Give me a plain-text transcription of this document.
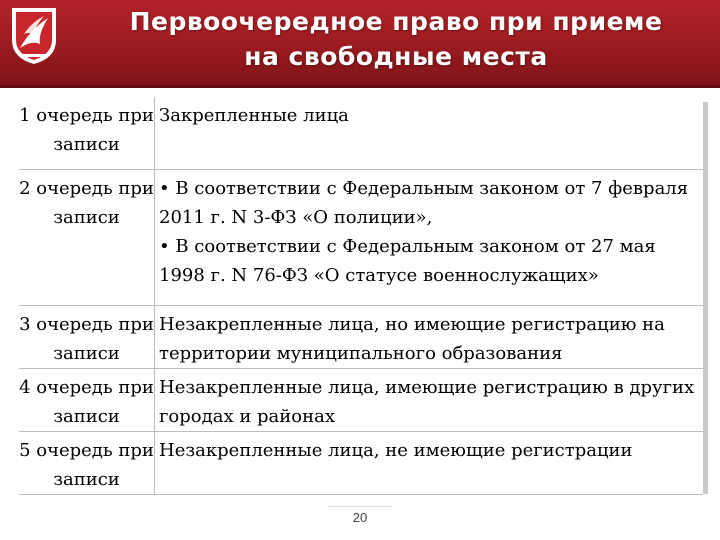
Первоочередное право при приеме
на свободные места
1 очередь при записи	Закрепленные лица
2 очередь при записи	• В соответствии с Федеральным законом от 7 февраля 2011 г. N 3-ФЗ «О полиции»,
• В соответствии с Федеральным законом от 27 мая 1998 г. N 76-ФЗ «О статусе военнослужащих»

3 очередь при записи	Незакрепленные лица, но имеющие регистрацию на территории муниципального образования
4 очередь при записи	Незакрепленные лица, имеющие регистрацию в других городах и районах
5 очередь при записи	Незакрепленные лица, не имеющие регистрации
20
